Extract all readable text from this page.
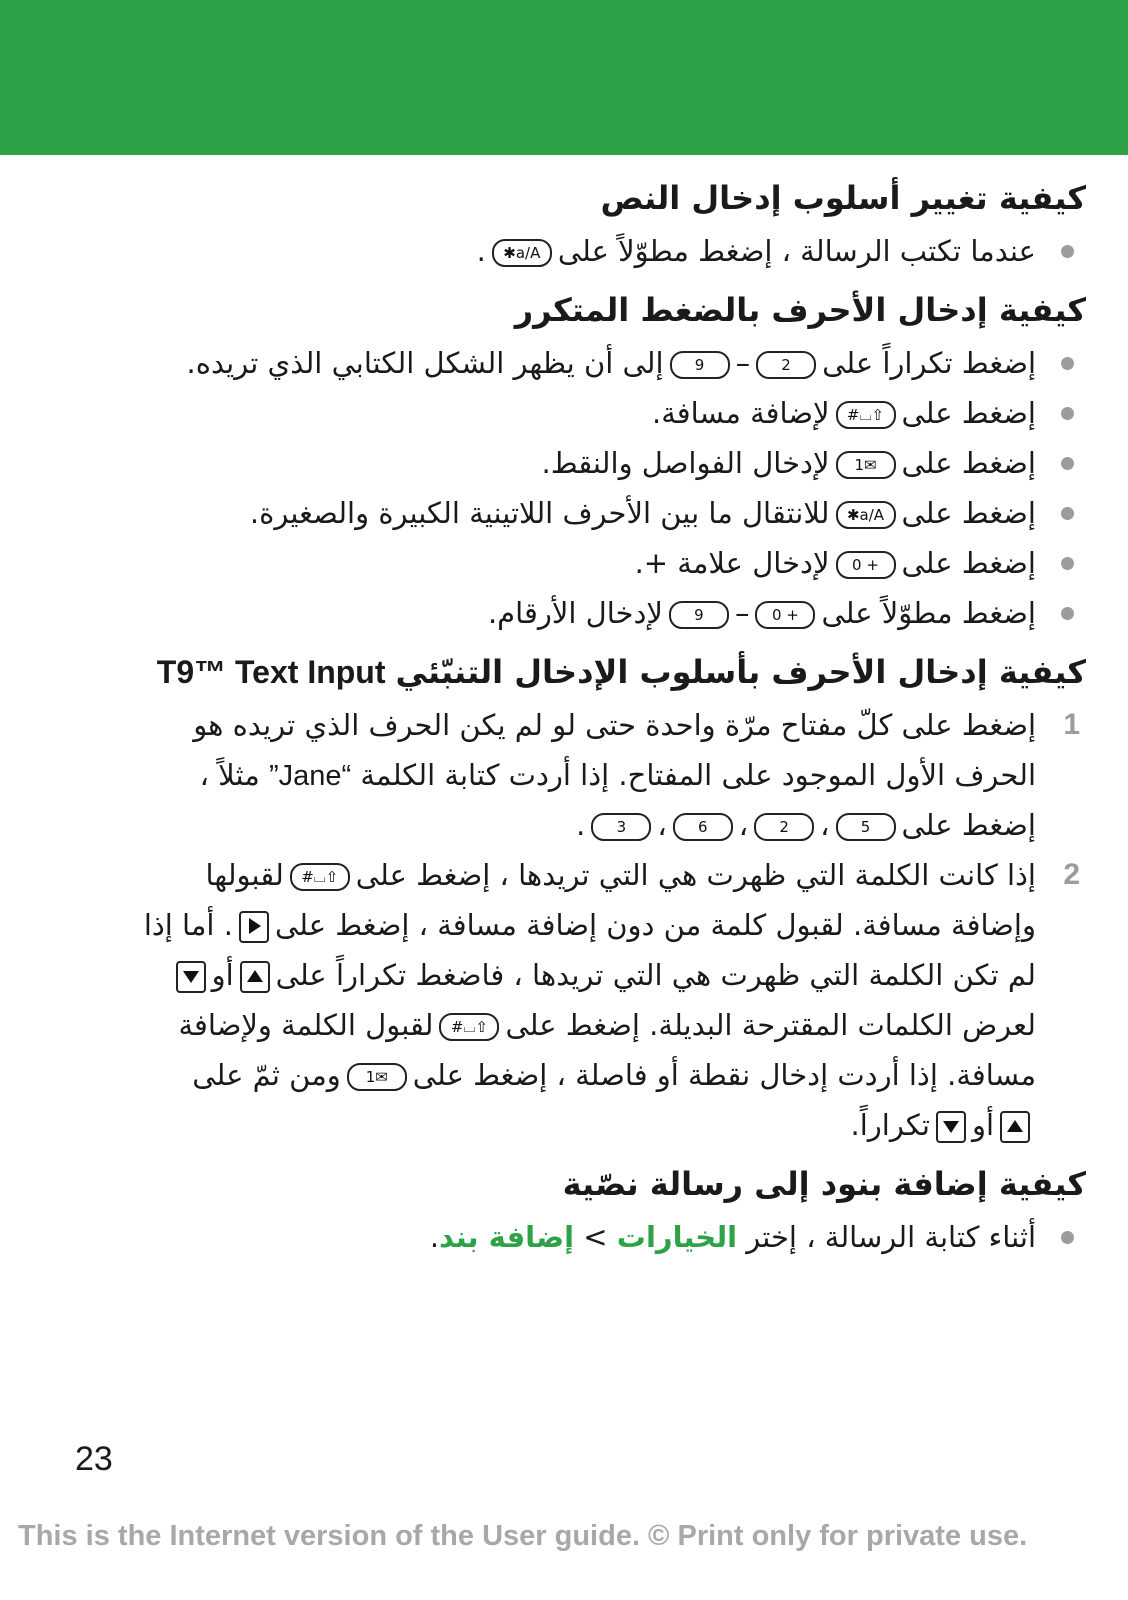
كيفية تغيير أسلوب إدخال النص
عندما تكتب الرسالة ، إضغط مطوّلاً على✱a/A.
كيفية إدخال الأحرف بالضغط المتكرر
إضغط تكراراً على2–9إلى أن يظهر الشكل الكتابي الذي تريده.
إضغط على#⌴⇧لإضافة مسافة.
إضغط على1✉لإدخال الفواصل والنقط.
إضغط على✱a/Aللانتقال ما بين الأحرف اللاتينية الكبيرة والصغيرة.
إضغط على0 +لإدخال علامة +.
إضغط مطوّلاً على0 +–9لإدخال الأرقام.
كيفية إدخال الأحرف بأسلوب الإدخال التنبّئي
T9™ Text Input
1
إضغط على كلّ مفتاح مرّة واحدة حتى لو لم يكن الحرف الذي تريده هو
الحرف الأول الموجود على المفتاح. إذا أردت كتابة الكلمة ”Jane“ مثلاً ،
إضغط على5،2،6،3.
2
إذا كانت الكلمة التي ظهرت هي التي تريدها ، إضغط على#⌴⇧لقبولها
وإضافة مسافة. لقبول كلمة من دون إضافة مسافة ، إضغط على
. أما إذا
لم تكن الكلمة التي ظهرت هي التي تريدها ، فاضغط تكراراً على
أو
لعرض الكلمات المقترحة البديلة. إضغط على#⌴⇧لقبول الكلمة ولإضافة
مسافة. إذا أردت إدخال نقطة أو فاصلة ، إضغط على1✉ومن ثمّ على
أو
تكراراً.
كيفية إضافة بنود إلى رسالة نصّية
أثناء كتابة الرسالة ، إختر الخيارات > إضافة بند.
23
This is the Internet version of the User guide. © Print only for private use.
